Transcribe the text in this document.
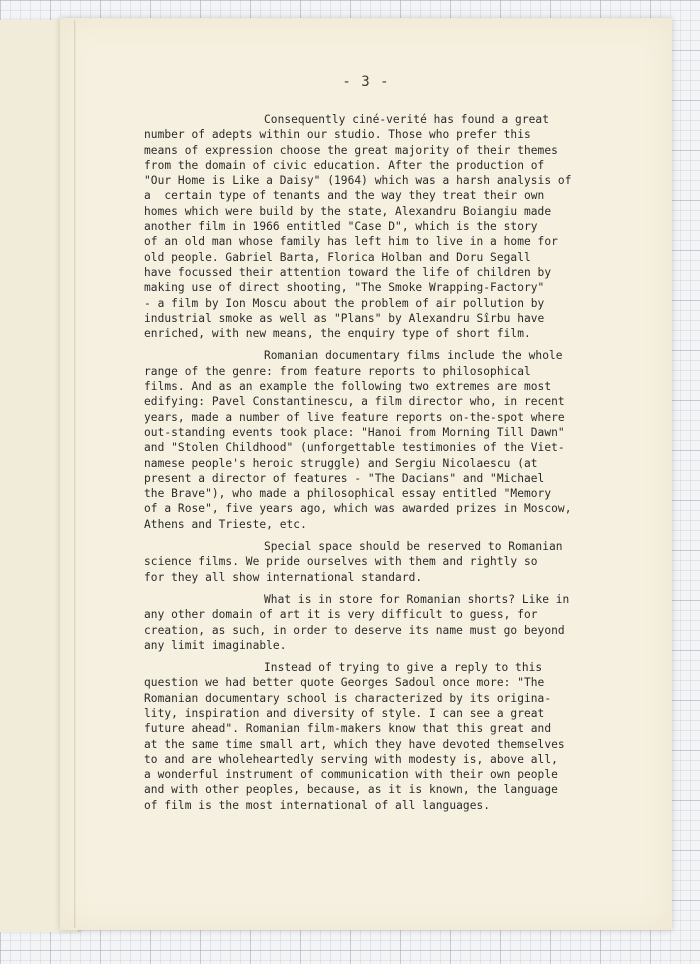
- 3 -
Consequently ciné-verité has found a great
number of adepts within our studio. Those who prefer this
means of expression choose the great majority of their themes
from the domain of civic education. After the production of
"Our Home is Like a Daisy" (1964) which was a harsh analysis of
a  certain type of tenants and the way they treat their own
homes which were build by the state, Alexandru Boiangiu made
another film in 1966 entitled "Case D", which is the story
of an old man whose family has left him to live in a home for
old people. Gabriel Barta, Florica Holban and Doru Segall
have focussed their attention toward the life of children by
making use of direct shooting, "The Smoke Wrapping-Factory"
- a film by Ion Moscu about the problem of air pollution by
industrial smoke as well as "Plans" by Alexandru Sîrbu have
enriched, with new means, the enquiry type of short film.
Romanian documentary films include the whole
range of the genre: from feature reports to philosophical
films. And as an example the following two extremes are most
edifying: Pavel Constantinescu, a film director who, in recent
years, made a number of live feature reports on-the-spot where
out-standing events took place: "Hanoi from Morning Till Dawn"
and "Stolen Childhood" (unforgettable testimonies of the Viet-
namese people's heroic struggle) and Sergiu Nicolaescu (at
present a director of features - "The Dacians" and "Michael
the Brave"), who made a philosophical essay entitled "Memory
of a Rose", five years ago, which was awarded prizes in Moscow,
Athens and Trieste, etc.
Special space should be reserved to Romanian
science films. We pride ourselves with them and rightly so
for they all show international standard.
What is in store for Romanian shorts? Like in
any other domain of art it is very difficult to guess, for
creation, as such, in order to deserve its name must go beyond
any limit imaginable.
Instead of trying to give a reply to this
question we had better quote Georges Sadoul once more: "The
Romanian documentary school is characterized by its origina-
lity, inspiration and diversity of style. I can see a great
future ahead". Romanian film-makers know that this great and
at the same time small art, which they have devoted themselves
to and are wholeheartedly serving with modesty is, above all,
a wonderful instrument of communication with their own people
and with other peoples, because, as it is known, the language
of film is the most international of all languages.
